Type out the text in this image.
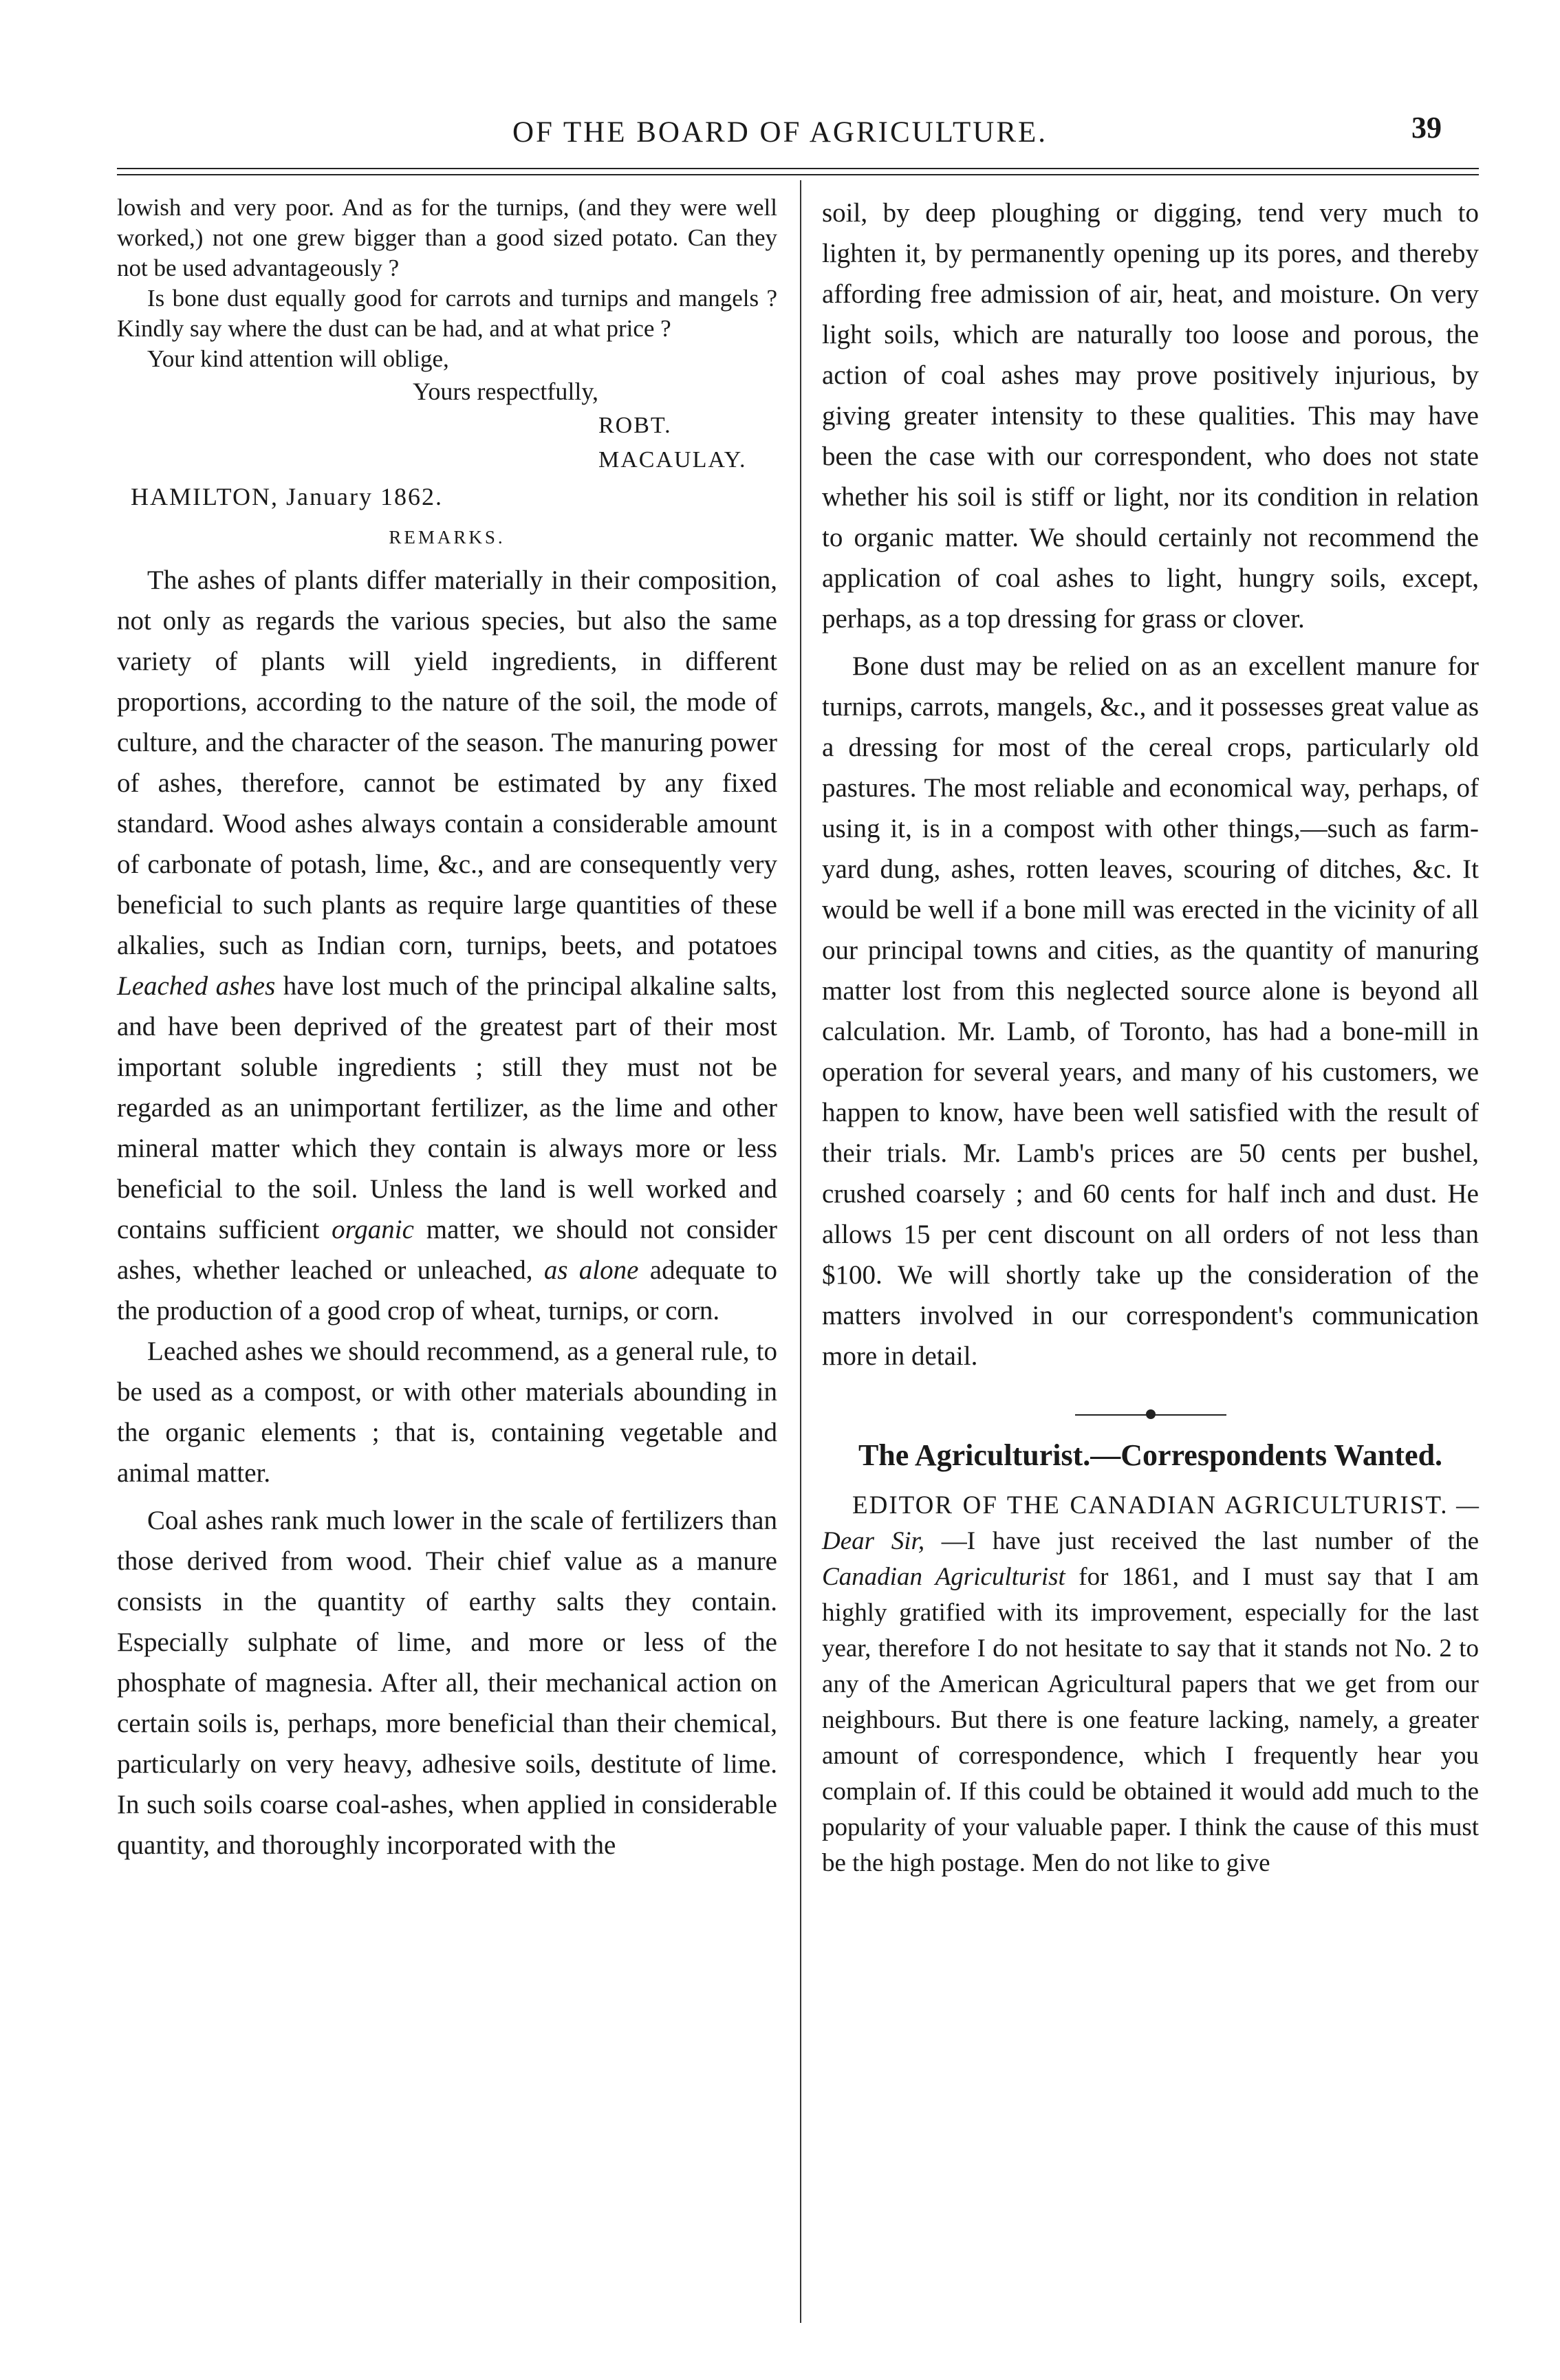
OF THE BOARD OF AGRICULTURE.	39

lowish and very poor. And as for the turnips, (and they were well worked,) not one grew bigger than a good sized potato. Can they not be used advantageously ?

Is bone dust equally good for carrots and turnips and mangels ? Kindly say where the dust can be had, and at what price ?

Your kind attention will oblige,

Yours respectfully,

ROBT. MACAULAY.

HAMILTON, January 1862.

REMARKS.

The ashes of plants differ materially in their composition, not only as regards the various species, but also the same variety of plants will yield ingredients, in different proportions, according to the nature of the soil, the mode of culture, and the character of the season. The manuring power of ashes, therefore, cannot be estimated by any fixed standard. Wood ashes always contain a considerable amount of carbonate of potash, lime, &c., and are consequently very beneficial to such plants as require large quantities of these alkalies, such as Indian corn, turnips, beets, and potatoes Leached ashes have lost much of the principal alkaline salts, and have been deprived of the greatest part of their most important soluble ingredients ; still they must not be regarded as an unimportant fertilizer, as the lime and other mineral matter which they contain is always more or less beneficial to the soil. Unless the land is well worked and contains sufficient organic matter, we should not consider ashes, whether leached or unleached, as alone adequate to the production of a good crop of wheat, turnips, or corn.

Leached ashes we should recommend, as a general rule, to be used as a compost, or with other materials abounding in the organic elements ; that is, containing vegetable and animal matter.

Coal ashes rank much lower in the scale of fertilizers than those derived from wood. Their chief value as a manure consists in the quantity of earthy salts they contain. Especially sulphate of lime, and more or less of the phosphate of magnesia. After all, their mechanical action on certain soils is, perhaps, more beneficial than their chemical, particularly on very heavy, adhesive soils, destitute of lime. In such soils coarse coal-ashes, when applied in considerable quantity, and thoroughly incorporated with the

soil, by deep ploughing or digging, tend very much to lighten it, by permanently opening up its pores, and thereby affording free admission of air, heat, and moisture. On very light soils, which are naturally too loose and porous, the action of coal ashes may prove positively injurious, by giving greater intensity to these qualities. This may have been the case with our correspondent, who does not state whether his soil is stiff or light, nor its condition in relation to organic matter. We should certainly not recommend the application of coal ashes to light, hungry soils, except, perhaps, as a top dressing for grass or clover.

Bone dust may be relied on as an excellent manure for turnips, carrots, mangels, &c., and it possesses great value as a dressing for most of the cereal crops, particularly old pastures. The most reliable and economical way, perhaps, of using it, is in a compost with other things,—such as farm-yard dung, ashes, rotten leaves, scouring of ditches, &c. It would be well if a bone mill was erected in the vicinity of all our principal towns and cities, as the quantity of manuring matter lost from this neglected source alone is beyond all calculation. Mr. Lamb, of Toronto, has had a bone-mill in operation for several years, and many of his customers, we happen to know, have been well satisfied with the result of their trials. Mr. Lamb's prices are 50 cents per bushel, crushed coarsely ; and 60 cents for half inch and dust. He allows 15 per cent discount on all orders of not less than $100. We will shortly take up the consideration of the matters involved in our correspondent's communication more in detail.

The Agriculturist.—Correspondents Wanted.

EDITOR OF THE CANADIAN AGRICULTURIST. —Dear Sir, —I have just received the last number of the Canadian Agriculturist for 1861, and I must say that I am highly gratified with its improvement, especially for the last year, therefore I do not hesitate to say that it stands not No. 2 to any of the American Agricultural papers that we get from our neighbours. But there is one feature lacking, namely, a greater amount of correspondence, which I frequently hear you complain of. If this could be obtained it would add much to the popularity of your valuable paper. I think the cause of this must be the high postage. Men do not like to give
